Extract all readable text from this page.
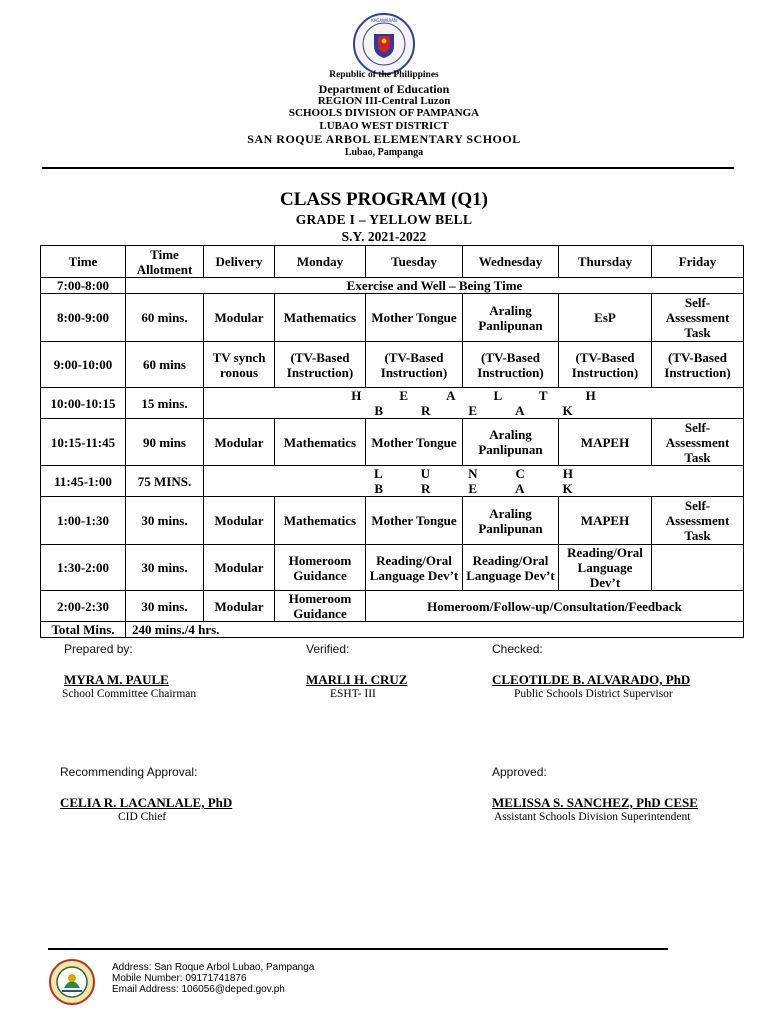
KAGAWARAN
Republic of the Philippines
Department of Education
REGION III-Central Luzon
SCHOOLS DIVISION OF PAMPANGA
LUBAO WEST DISTRICT
SAN ROQUE ARBOL ELEMENTARY SCHOOL
Lubao, Pampanga
CLASS PROGRAM (Q1)
GRADE I – YELLOW BELL
S.Y. 2021-2022
Time	Time Allotment	Delivery	Monday	Tuesday	Wednesday	Thursday	Friday
7:00-8:00	Exercise and Well – Being Time						
8:00-9:00	60 mins.	Modular	Mathematics	Mother Tongue	Araling Panlipunan	EsP	Self-Assessment Task
9:00-10:00	60 mins	TV synchronous	(TV-Based Instruction)	(TV-Based Instruction)	(TV-Based Instruction)	(TV-Based Instruction)	(TV-Based Instruction)
10:00-10:15	15 mins.	HEALTH BREAK					
10:15-11:45	90 mins	Modular	Mathematics	Mother Tongue	Araling Panlipunan	MAPEH	Self-Assessment Task
11:45-1:00	75 MINS.	LUNCH BREAK					
1:00-1:30	30 mins.	Modular	Mathematics	Mother Tongue	Araling Panlipunan	MAPEH	Self-Assessment Task
1:30-2:00	30 mins.	Modular	Homeroom Guidance	Reading/Oral Language Dev’t	Reading/Oral Language Dev’t	Reading/Oral Language Dev’t	
2:00-2:30	30 mins.	Modular	Homeroom Guidance	Homeroom/Follow-up/Consultation/Feedback			
Total Mins.	240 mins./4 hrs.						
Prepared by:
MYRA M. PAULE
School Committee Chairman
Verified:
MARLI H. CRUZ
ESHT- III
Checked:
CLEOTILDE B. ALVARADO, PhD
Public Schools District Supervisor
Recommending Approval:
CELIA R. LACANLALE, PhD
CID Chief
Approved:
MELISSA S. SANCHEZ, PhD CESE
Assistant Schools Division Superintendent
Address: San Roque Arbol Lubao, Pampanga
Mobile Number: 09171741876
Email Address: 106056@deped.gov.ph
